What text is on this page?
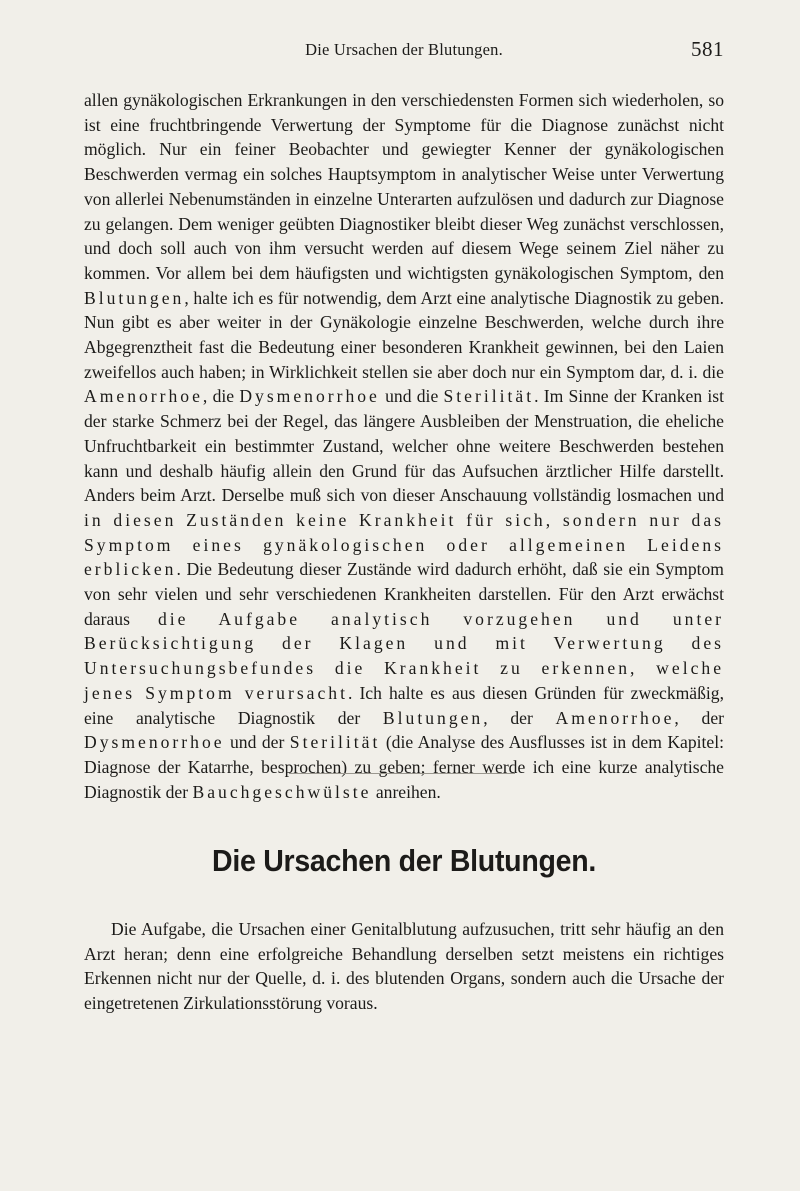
Die Ursachen der Blutungen.	581

allen gynäkologischen Erkrankungen in den verschiedensten Formen sich wiederholen, so ist eine fruchtbringende Verwertung der Symptome für die Diagnose zunächst nicht möglich. Nur ein feiner Beobachter und gewiegter Kenner der gynäkologischen Beschwerden vermag ein solches Hauptsymptom in analytischer Weise unter Verwertung von allerlei Nebenumständen in einzelne Unterarten aufzulösen und dadurch zur Diagnose zu gelangen. Dem weniger geübten Diagnostiker bleibt dieser Weg zunächst verschlossen, und doch soll auch von ihm versucht werden auf diesem Wege seinem Ziel näher zu kommen. Vor allem bei dem häufigsten und wichtigsten gynäkologischen Symptom, den Blutungen, halte ich es für notwendig, dem Arzt eine analytische Diagnostik zu geben. Nun gibt es aber weiter in der Gynäkologie einzelne Beschwerden, welche durch ihre Abgegrenztheit fast die Bedeutung einer besonderen Krankheit gewinnen, bei den Laien zweifellos auch haben; in Wirklichkeit stellen sie aber doch nur ein Symptom dar, d. i. die Amenorrhoe, die Dysmenorrhoe und die Sterilität. Im Sinne der Kranken ist der starke Schmerz bei der Regel, das längere Ausbleiben der Menstruation, die eheliche Unfruchtbarkeit ein bestimmter Zustand, welcher ohne weitere Beschwerden bestehen kann und deshalb häufig allein den Grund für das Aufsuchen ärztlicher Hilfe darstellt. Anders beim Arzt. Derselbe muß sich von dieser Anschauung vollständig losmachen und in diesen Zuständen keine Krankheit für sich, sondern nur das Symptom eines gynäkologischen oder allgemeinen Leidens erblicken. Die Bedeutung dieser Zustände wird dadurch erhöht, daß sie ein Symptom von sehr vielen und sehr verschiedenen Krankheiten darstellen. Für den Arzt erwächst daraus die Aufgabe analytisch vorzugehen und unter Berücksichtigung der Klagen und mit Verwertung des Untersuchungsbefundes die Krankheit zu erkennen, welche jenes Symptom verursacht. Ich halte es aus diesen Gründen für zweckmäßig, eine analytische Diagnostik der Blutungen, der Amenorrhoe, der Dysmenorrhoe und der Sterilität (die Analyse des Ausflusses ist in dem Kapitel: Diagnose der Katarrhe, besprochen) zu geben; ferner werde ich eine kurze analytische Diagnostik der Bauchgeschwülste anreihen.

Die Ursachen der Blutungen.

Die Aufgabe, die Ursachen einer Genitalblutung aufzusuchen, tritt sehr häufig an den Arzt heran; denn eine erfolgreiche Behandlung derselben setzt meistens ein richtiges Erkennen nicht nur der Quelle, d. i. des blutenden Organs, sondern auch die Ursache der eingetretenen Zirkulationsstörung voraus.
